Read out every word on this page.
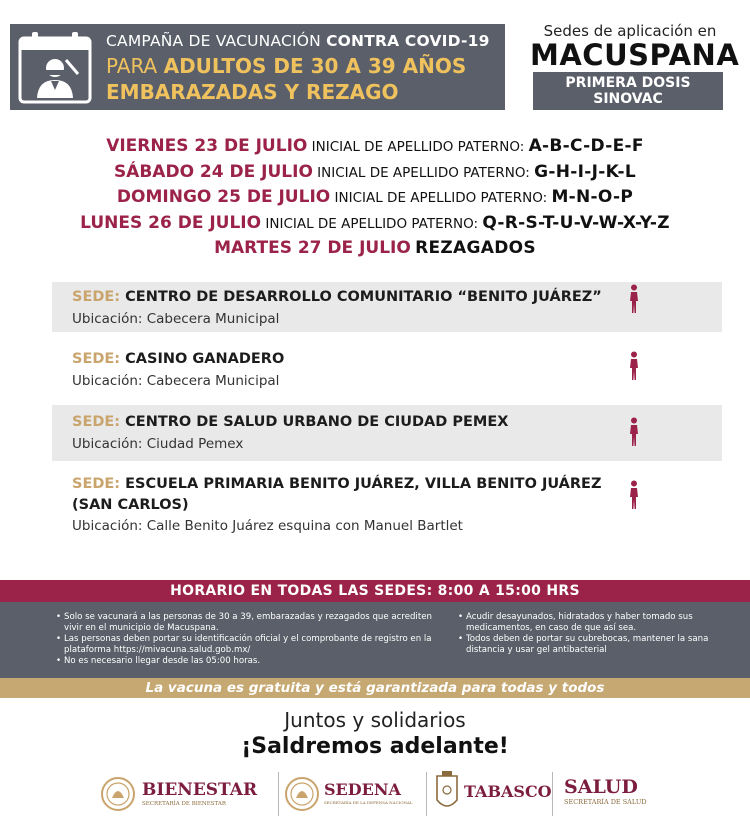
CAMPAÑA DE VACUNACIÓN CONTRA COVID-19
PARA ADULTOS DE 30 A 39 AÑOS
EMBARAZADAS Y REZAGO
Sedes de aplicación en
MACUSPANA
PRIMERA DOSIS
SINOVAC
VIERNES 23 DE JULIO INICIAL DE APELLIDO PATERNO: A-B-C-D-E-F
SÁBADO 24 DE JULIO INICIAL DE APELLIDO PATERNO: G-H-I-J-K-L
DOMINGO 25 DE JULIO INICIAL DE APELLIDO PATERNO: M-N-O-P
LUNES 26 DE JULIO INICIAL DE APELLIDO PATERNO: Q-R-S-T-U-V-W-X-Y-Z
MARTES 27 DE JULIO REZAGADOS
SEDE: CENTRO DE DESARROLLO COMUNITARIO “BENITO JUÁREZ”
Ubicación: Cabecera Municipal
SEDE: CASINO GANADERO
Ubicación: Cabecera Municipal
SEDE: CENTRO DE SALUD URBANO DE CIUDAD PEMEX
Ubicación: Ciudad Pemex
SEDE: ESCUELA PRIMARIA BENITO JUÁREZ, VILLA BENITO JUÁREZ
(SAN CARLOS)
Ubicación: Calle Benito Juárez esquina con Manuel Bartlet
HORARIO EN TODAS LAS SEDES: 8:00 A 15:00 HRS
• Solo se vacunará a las personas de 30 a 39, embarazadas y rezagados que acrediten vivir en el municipio de Macuspana.
• Las personas deben portar su identificación oficial y el comprobante de registro en la plataforma https://mivacuna.salud.gob.mx/
• No es necesario llegar desde las 05:00 horas.
• Acudir desayunados, hidratados y haber tomado sus medicamentos, en caso de que así sea.
• Todos deben de portar su cubrebocas, mantener la sana distancia y usar gel antibacterial
La vacuna es gratuita y está garantizada para todas y todos
Juntos y solidarios
¡Saldremos adelante!
BIENESTAR
SECRETARÍA DE BIENESTAR
SEDENA
SECRETARÍA DE LA DEFENSA NACIONAL
TABASCO SALUD
SECRETARÍA DE SALUD
